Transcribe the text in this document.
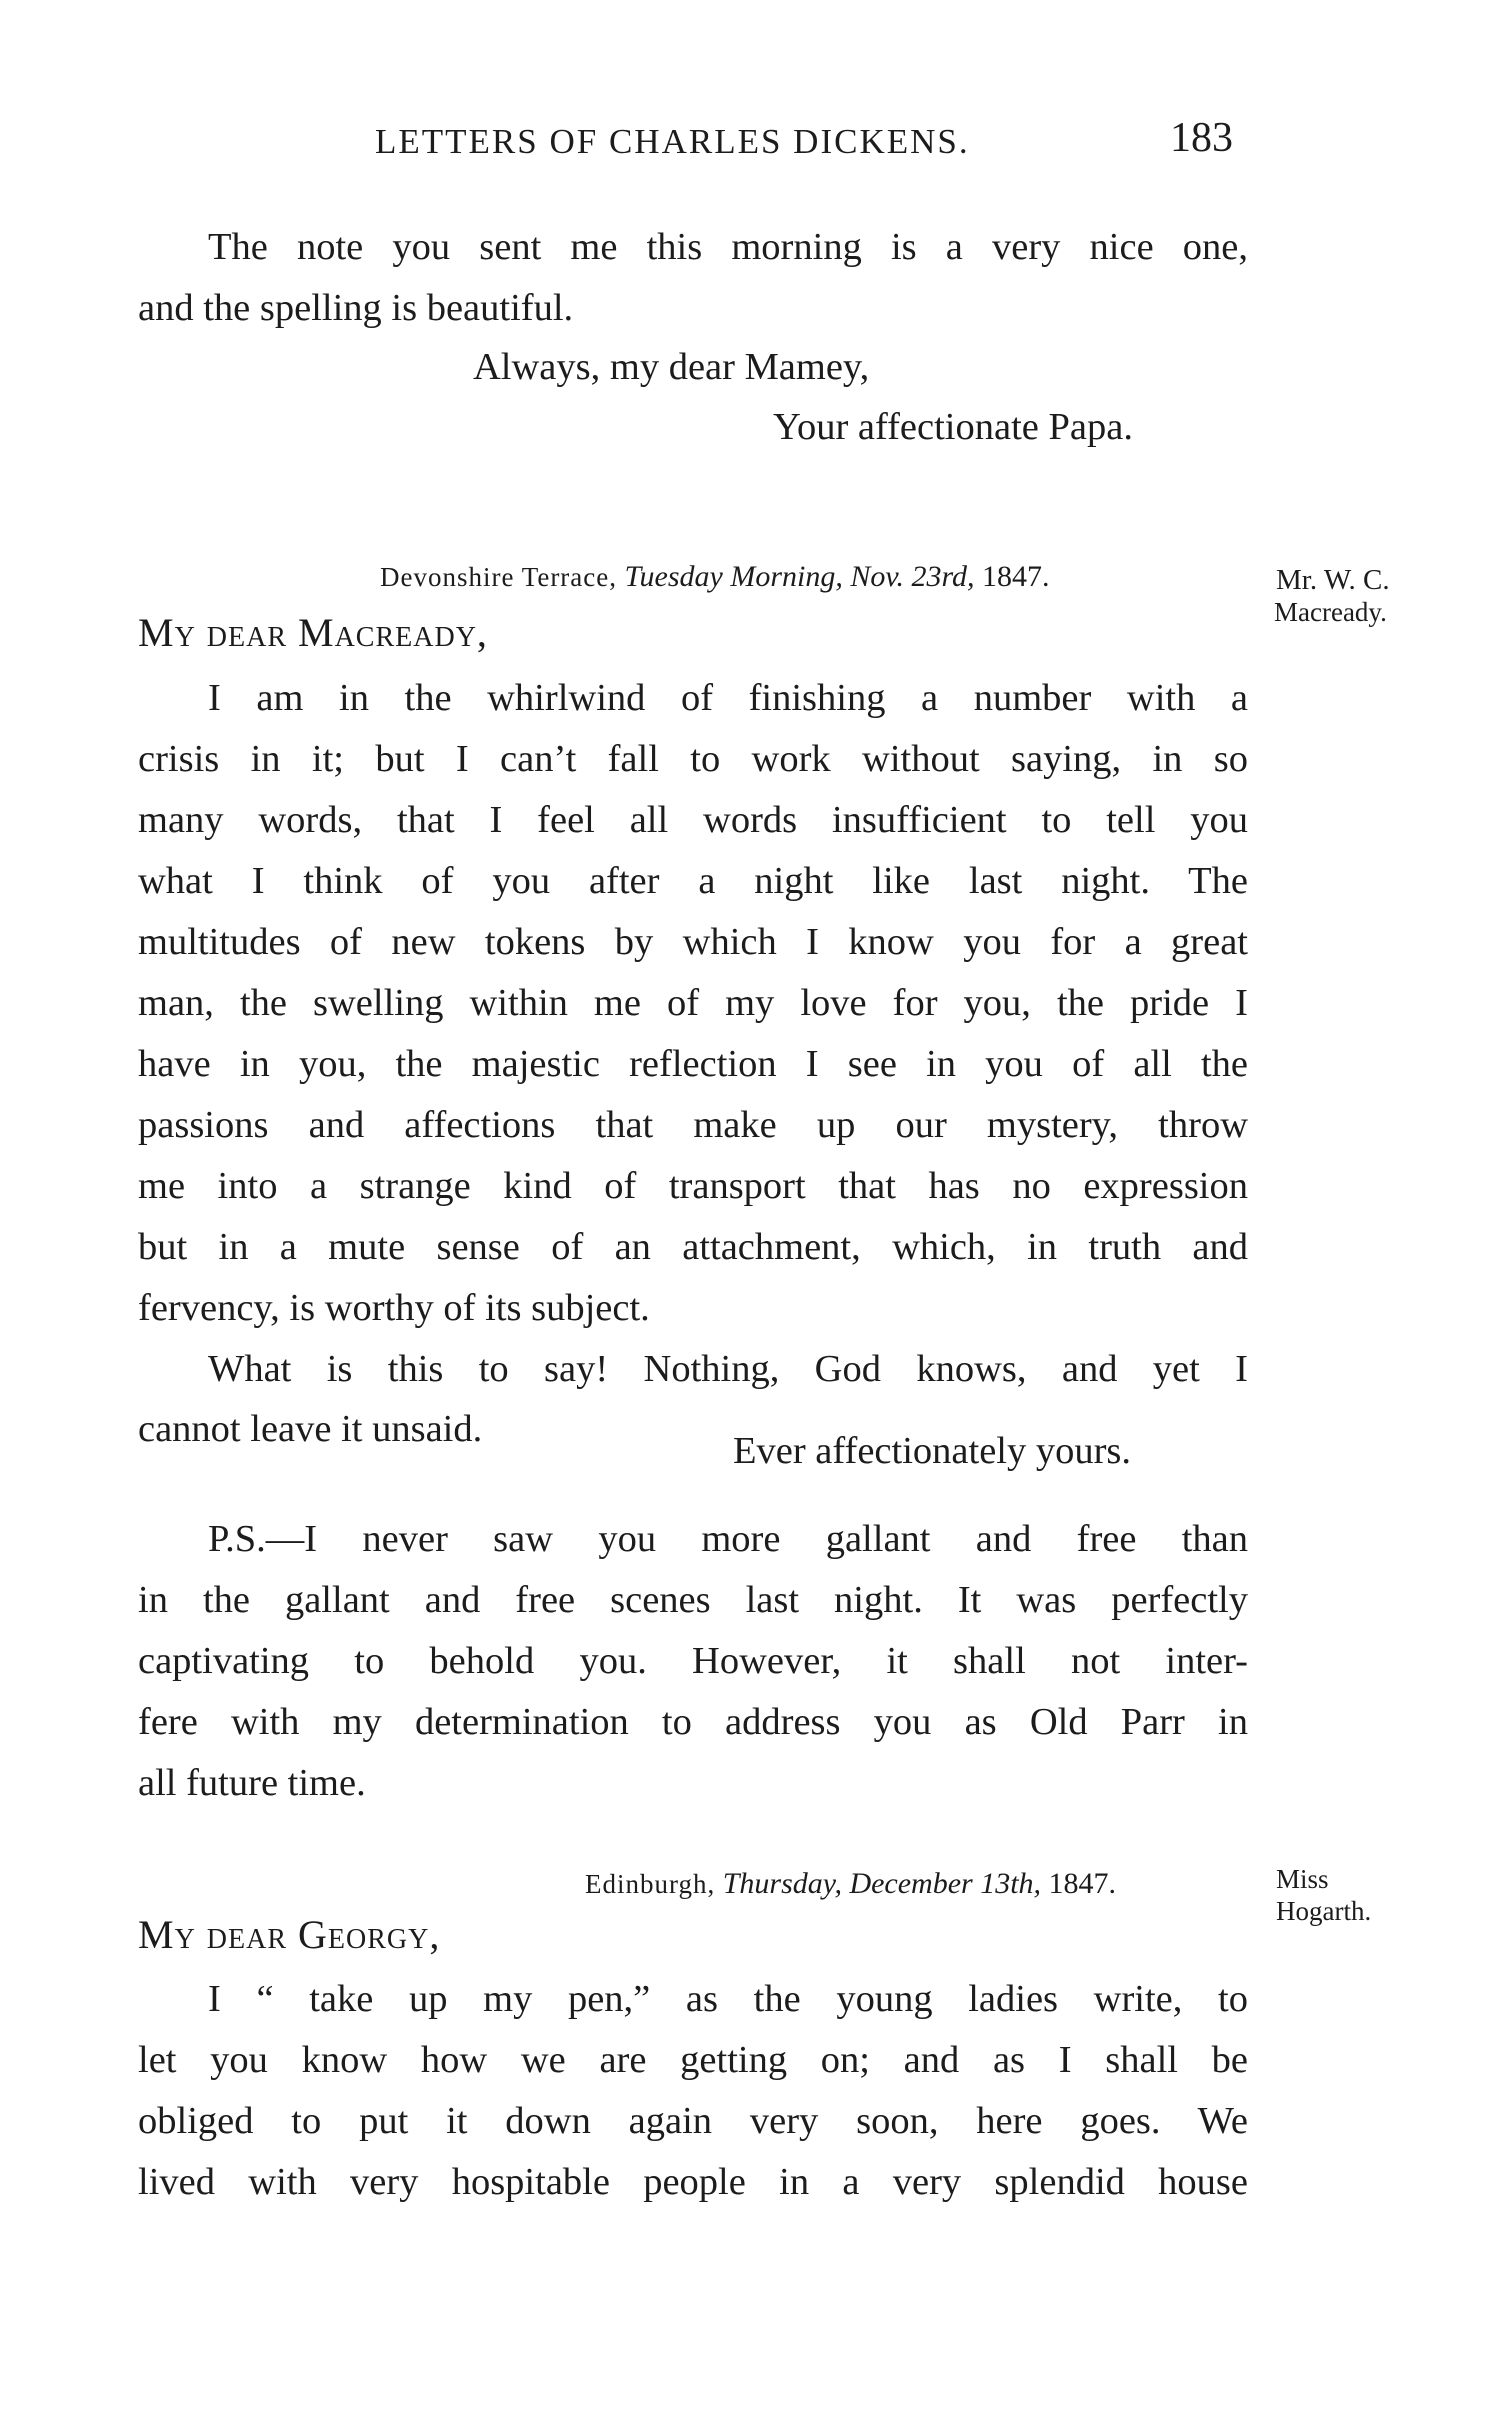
LETTERS OF CHARLES DICKENS.	183
The note you sent me this morning is a very nice one,
and the spelling is beautiful.
Always, my dear Mamey,
Your affectionate Papa.
Devonshire Terrace, Tuesday Morning, Nov. 23rd, 1847.	Mr. W. C.
Macready.
My dear Macready,
I am in the whirlwind of finishing a number with a
crisis in it; but I can’t fall to work without saying, in so
many words, that I feel all words insufficient to tell you
what I think of you after a night like last night. The
multitudes of new tokens by which I know you for a great
man, the swelling within me of my love for you, the pride I
have in you, the majestic reflection I see in you of all the
passions and affections that make up our mystery, throw
me into a strange kind of transport that has no expression
but in a mute sense of an attachment, which, in truth and
fervency, is worthy of its subject.
What is this to say! Nothing, God knows, and yet I
cannot leave it unsaid.
Ever affectionately yours.
P.S.—I never saw you more gallant and free than
in the gallant and free scenes last night. It was perfectly
captivating to behold you. However, it shall not inter-
fere with my determination to address you as Old Parr in
all future time.
Edinburgh, Thursday, December 13th, 1847.	Miss
Hogarth.
My dear Georgy,
I “ take up my pen,” as the young ladies write, to
let you know how we are getting on; and as I shall be
obliged to put it down again very soon, here goes. We
lived with very hospitable people in a very splendid house
